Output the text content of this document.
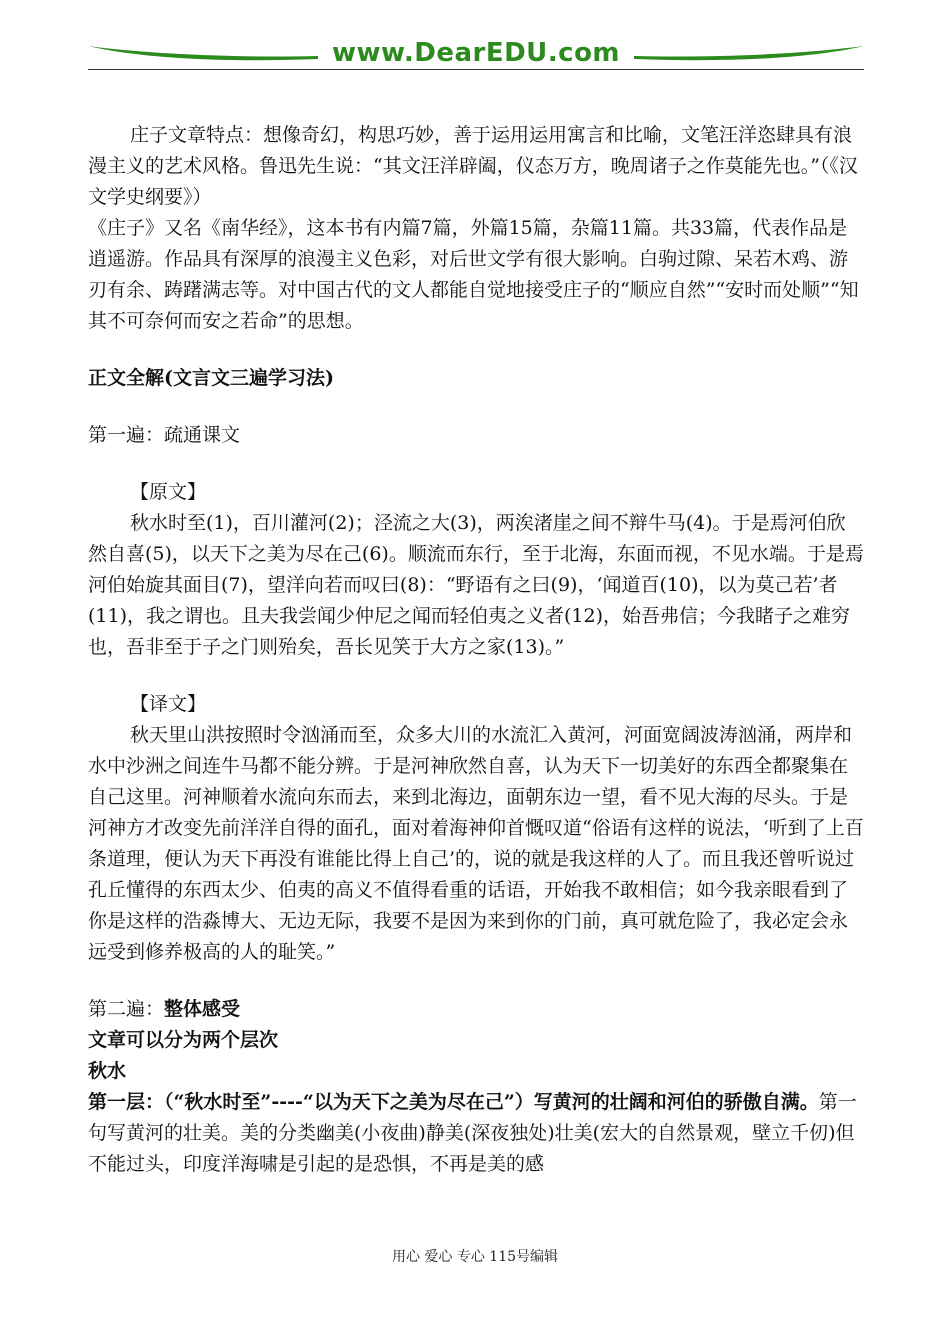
www.DearEDU.com

庄子文章特点：想像奇幻，构思巧妙，善于运用运用寓言和比喻，文笔汪洋恣肆具有浪漫主义的艺术风格。鲁迅先生说：“其文汪洋辟阖，仪态万方，晚周诸子之作莫能先也。”（《汉文学史纲要》）

《庄子》又名《南华经》，这本书有内篇7篇，外篇15篇，杂篇11篇。共33篇，代表作品是逍遥游。作品具有深厚的浪漫主义色彩，对后世文学有很大影响。白驹过隙、呆若木鸡、游刃有余、踌躇满志等。对中国古代的文人都能自觉地接受庄子的“顺应自然”“安时而处顺”“知其不可奈何而安之若命”的思想。

正文全解(文言文三遍学习法)

第一遍：疏通课文

【原文】

秋水时至(1)，百川灌河(2)；泾流之大(3)，两涘渚崖之间不辩牛马(4)。于是焉河伯欣然自喜(5)，以天下之美为尽在己(6)。顺流而东行，至于北海，东面而视，不见水端。于是焉河伯始旋其面目(7)，望洋向若而叹曰(8)：“野语有之曰(9)，‘闻道百(10)，以为莫己若’者(11)，我之谓也。且夫我尝闻少仲尼之闻而轻伯夷之义者(12)，始吾弗信；今我睹子之难穷也，吾非至于子之门则殆矣，吾长见笑于大方之家(13)。”

【译文】

秋天里山洪按照时令汹涌而至，众多大川的水流汇入黄河，河面宽阔波涛汹涌，两岸和水中沙洲之间连牛马都不能分辨。于是河神欣然自喜，认为天下一切美好的东西全都聚集在自己这里。河神顺着水流向东而去，来到北海边，面朝东边一望，看不见大海的尽头。于是河神方才改变先前洋洋自得的面孔，面对着海神仰首慨叹道“俗语有这样的说法，‘听到了上百条道理，便认为天下再没有谁能比得上自己’的，说的就是我这样的人了。而且我还曾听说过孔丘懂得的东西太少、伯夷的高义不值得看重的话语，开始我不敢相信；如今我亲眼看到了你是这样的浩淼博大、无边无际，我要不是因为来到你的门前，真可就危险了，我必定会永远受到修养极高的人的耻笑。”

第二遍：整体感受

文章可以分为两个层次

秋水

第一层：（“秋水时至”----“以为天下之美为尽在己”）写黄河的壮阔和河伯的骄傲自满。第一句写黄河的壮美。美的分类幽美(小夜曲)静美(深夜独处)壮美(宏大的自然景观，壁立千仞)但不能过头，印度洋海啸是引起的是恐惧，不再是美的感

用心 爱心 专心 115号编辑
